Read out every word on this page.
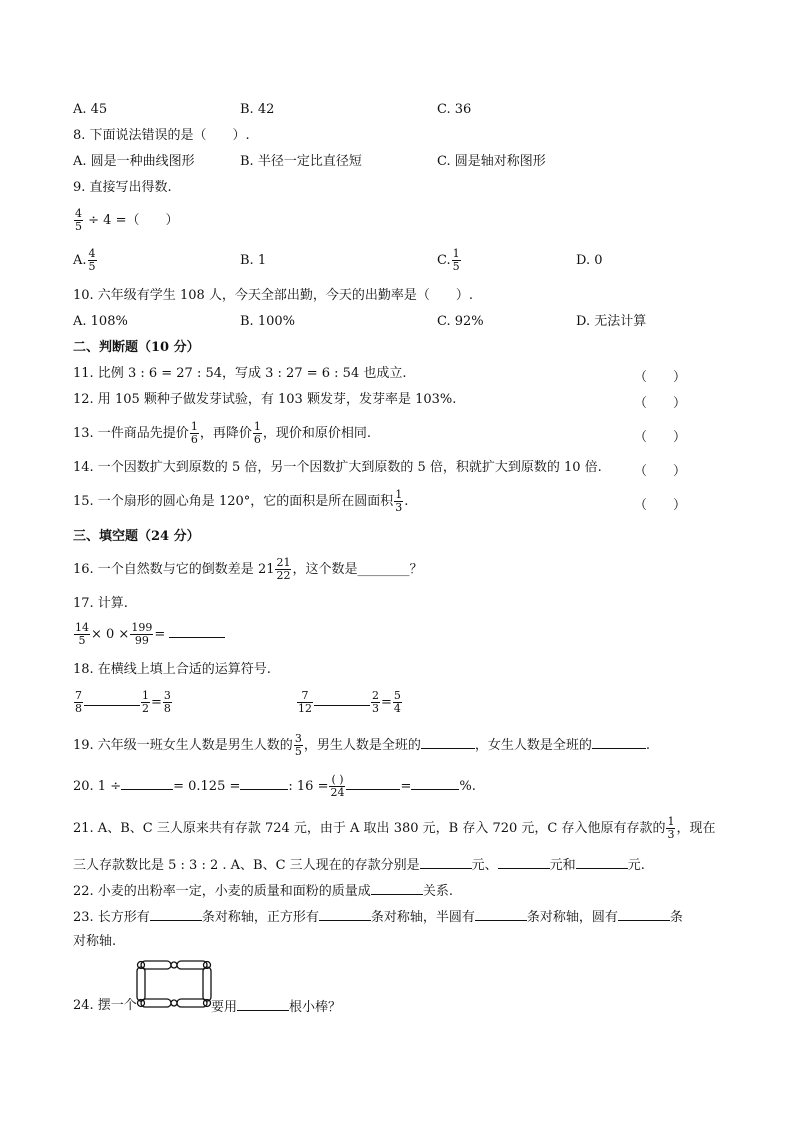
A. 45	B. 42	C. 36
8. 下面说法错误的是（　　）.
A. 圆是一种曲线图形	B. 半径一定比直径短	C. 圆是轴对称图形
9. 直接写出得数.
$\frac{4}{5} \div 4$ =（　　）
A. $\frac{4}{5}$	B. 1	C. $\frac{1}{5}$	D. 0
10. 六年级有学生 108 人，今天全部出勤，今天的出勤率是（　　）.
A. 108%	B. 100%	C. 92%	D. 无法计算
二、判断题（10 分）
11. 比例 3 : 6 = 27 : 54，写成 3 : 27 = 6 : 54 也成立.	（　　）
12. 用 105 颗种子做发芽试验，有 103 颗发芽，发芽率是 103%.	（　　）
13. 一件商品先提价 $\frac{1}{6}$ ，再降价 $\frac{1}{6}$ ，现价和原价相同.	（　　）
14. 一个因数扩大到原数的 5 倍，另一个因数扩大到原数的 5 倍，积就扩大到原数的 10 倍. （　　）
15. 一个扇形的圆心角是 120°，它的面积是所在圆面积 $\frac{1}{3}$ .	（　　）
三、填空题（24 分）
16. 一个自然数与它的倒数差是 $21 \frac{21}{22}$ ，这个数是________？
17. 计算.
$\frac{14}{5} \times 0 \times \frac{199}{99}$ =
18. 在横线上填上合适的运算符号.
$\frac{7}{8}$	$\frac{1}{2} = \frac{3}{8}$	$\frac{7}{12}$	$\frac{2}{3} = \frac{5}{4}$
19. 六年级一班女生人数是男生人数的 $\frac{3}{5}$ ，男生人数是全班的	，女生人数是全班的	.
20. 1 ÷	= 0.125 =	: $16 = \frac{( )}{24}$	=	%.
21. A、B、C 三人原来共有存款 724 元，由于 A 取出 380 元，B 存入 720 元，C 存入他原有存款的 $\frac{1}{3}$ ，现在
三人存款数比是 5 : 3 : 2 . A、B、C 三人现在的存款分别是	元、	元和	元.
22. 小麦的出粉率一定，小麦的质量和面粉的质量成	关系.
23. 长方形有	条对称轴，正方形有	条对称轴，半圆有	条对称轴，圆有	条
对称轴.
24. 摆一个	要用	根小棒？
